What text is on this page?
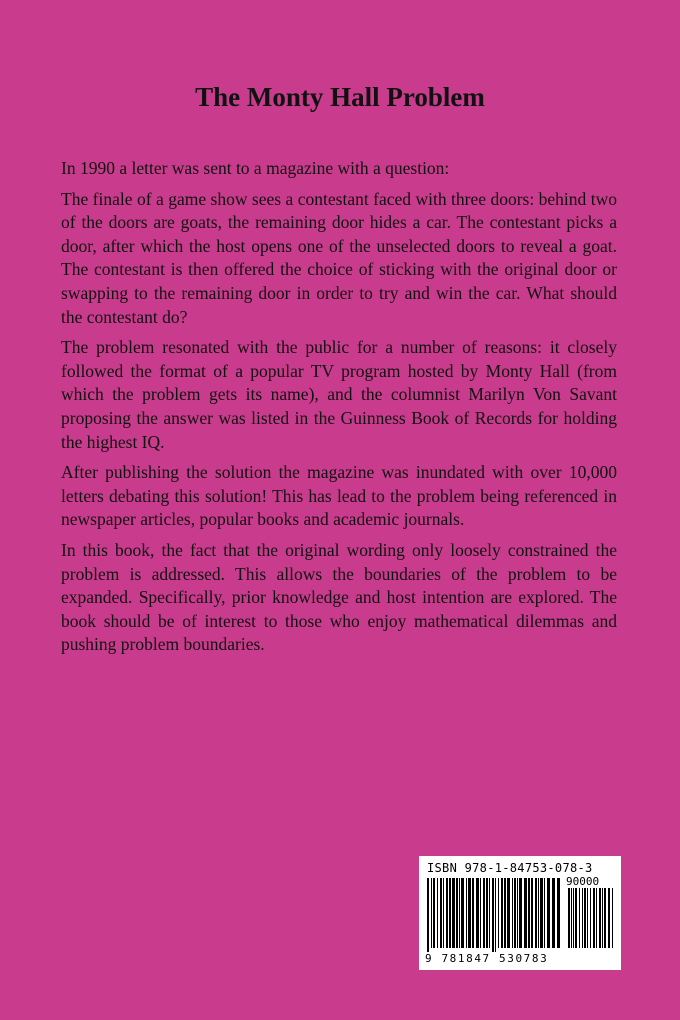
The Monty Hall Problem

In 1990 a letter was sent to a magazine with a question:

The finale of a game show sees a contestant faced with three doors: behind two of the doors are goats, the remaining door hides a car. The contestant picks a door, after which the host opens one of the unselected doors to reveal a goat. The contestant is then offered the choice of sticking with the original door or swapping to the remaining door in order to try and win the car. What should the contestant do?

The problem resonated with the public for a number of reasons: it closely followed the format of a popular TV program hosted by Monty Hall (from which the problem gets its name), and the columnist Marilyn Von Savant proposing the answer was listed in the Guinness Book of Records for holding the highest IQ.

After publishing the solution the magazine was inundated with over 10,000 letters debating this solution! This has lead to the problem being referenced in newspaper articles, popular books and academic journals.

In this book, the fact that the original wording only loosely constrained the problem is addressed. This allows the boundaries of the problem to be expanded. Specifically, prior knowledge and host intention are explored. The book should be of interest to those who enjoy mathematical dilemmas and pushing problem boundaries.

ISBN 978-1-84753-078-3
90000
9 781847 530783
